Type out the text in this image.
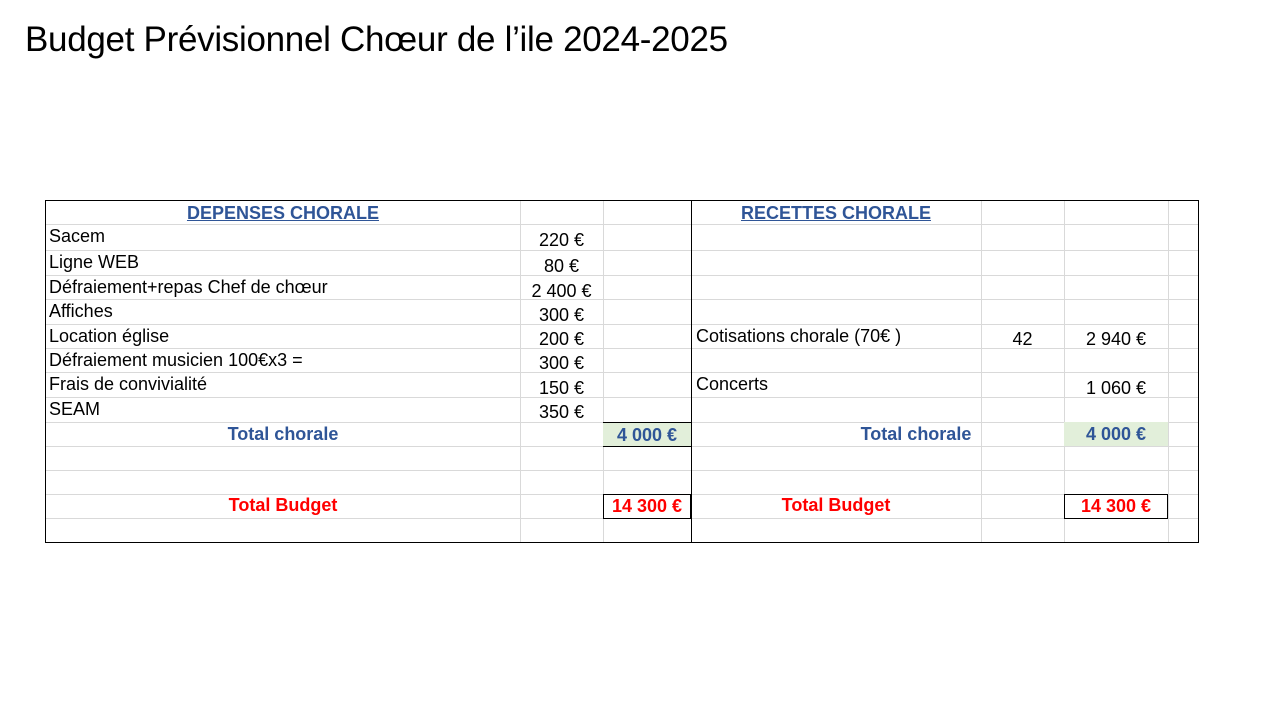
Budget Prévisionnel Chœur de l’ile 2024-2025
DEPENSES CHORALE
Sacem	220 €
Ligne WEB	80 €
Défraiement+repas Chef de chœur	2 400 €
Affiches	300 €
Location église	200 €
Défraiement musicien 100€x3 =	300 €
Frais de convivialité	150 €
SEAM	350 €
Total chorale	4 000 €
Total Budget	14 300 €
RECETTES CHORALE
Cotisations chorale (70€ )	42	2 940 €
Concerts	1 060 €
Total chorale	4 000 €
Total Budget	14 300 €
